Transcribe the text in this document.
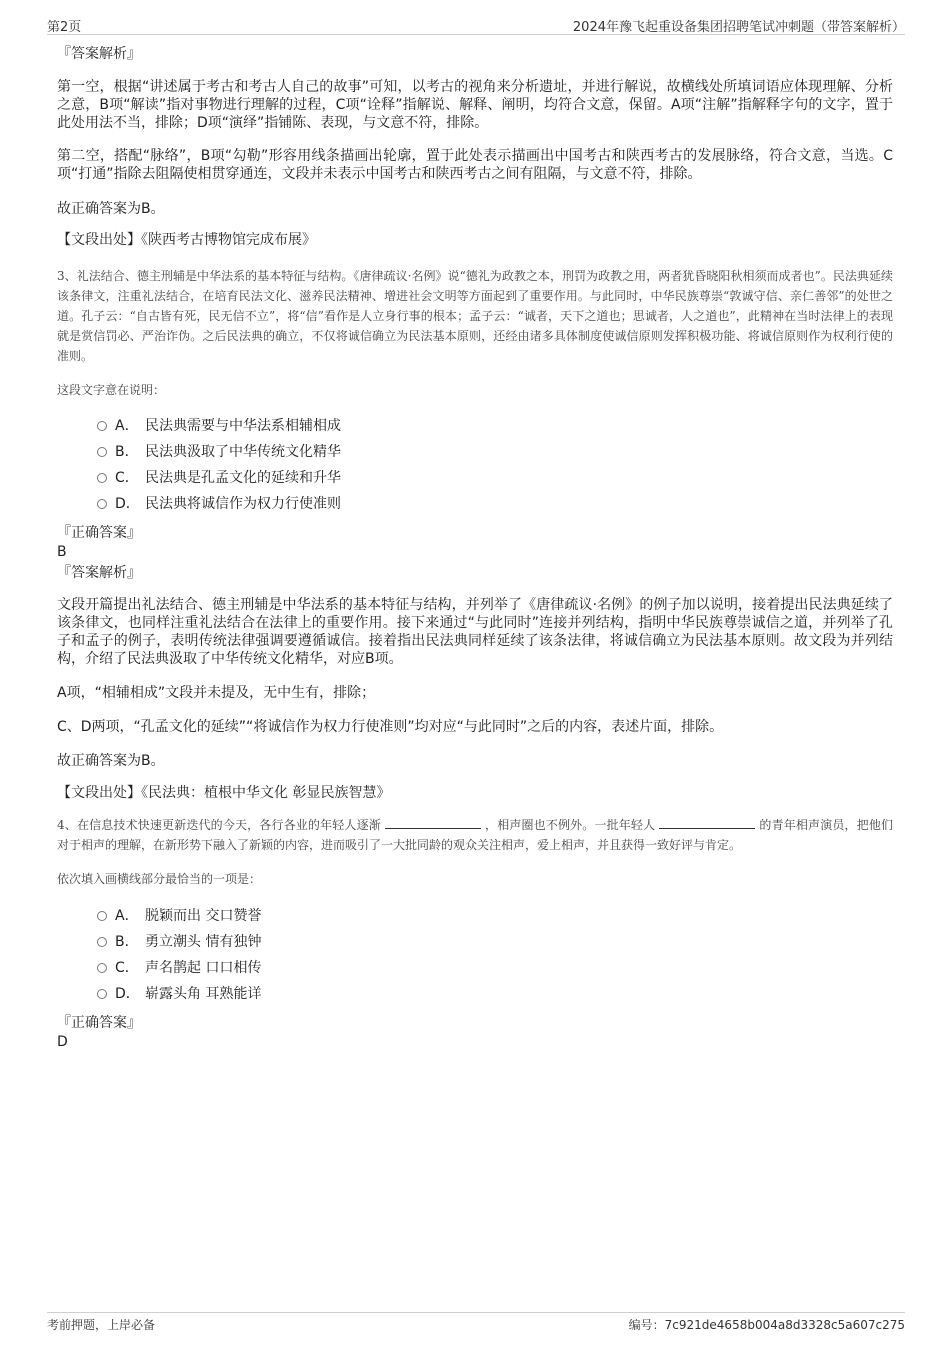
第2页	2024年豫飞起重设备集团招聘笔试冲刺题（带答案解析）

『答案解析』

第一空，根据“讲述属于考古和考古人自己的故事”可知，以考古的视角来分析遗址，并进行解说，故横线处所填词语应体现理解、分析之意，B项“解读”指对事物进行理解的过程，C项“诠释”指解说、解释、阐明，均符合文意，保留。A项“注解”指解释字句的文字，置于此处用法不当，排除；D项“演绎”指铺陈、表现，与文意不符，排除。

第二空，搭配“脉络”，B项“勾勒”形容用线条描画出轮廓，置于此处表示描画出中国考古和陕西考古的发展脉络，符合文意，当选。C项“打通”指除去阻隔使相贯穿通连，文段并未表示中国考古和陕西考古之间有阻隔，与文意不符，排除。

故正确答案为B。

【文段出处】《陕西考古博物馆完成布展》

3、礼法结合、德主刑辅是中华法系的基本特征与结构。《唐律疏议·名例》说“德礼为政教之本，刑罚为政教之用，两者犹昏晓阳秋相须而成者也”。民法典延续该条律文，注重礼法结合，在培育民法文化、滋养民法精神、增进社会文明等方面起到了重要作用。与此同时，中华民族尊崇“敦诚守信、亲仁善邻”的处世之道。孔子云：“自古皆有死，民无信不立”，将“信”看作是人立身行事的根本；孟子云：“诚者，天下之道也；思诚者，人之道也”，此精神在当时法律上的表现就是赏信罚必、严治诈伪。之后民法典的确立，不仅将诚信确立为民法基本原则，还经由诸多具体制度使诚信原则发挥积极功能、将诚信原则作为权利行使的准则。

这段文字意在说明：

A． 民法典需要与中华法系相辅相成
B． 民法典汲取了中华传统文化精华
C． 民法典是孔孟文化的延续和升华
D． 民法典将诚信作为权力行使准则

『正确答案』

B

『答案解析』

文段开篇提出礼法结合、德主刑辅是中华法系的基本特征与结构，并列举了《唐律疏议·名例》的例子加以说明，接着提出民法典延续了该条律文，也同样注重礼法结合在法律上的重要作用。接下来通过“与此同时”连接并列结构，指明中华民族尊崇诚信之道，并列举了孔子和孟子的例子，表明传统法律强调要遵循诚信。接着指出民法典同样延续了该条法律，将诚信确立为民法基本原则。故文段为并列结构，介绍了民法典汲取了中华传统文化精华，对应B项。

A项，“相辅相成”文段并未提及，无中生有，排除；

C、D两项，“孔孟文化的延续”“将诚信作为权力行使准则”均对应“与此同时”之后的内容，表述片面，排除。

故正确答案为B。

【文段出处】《民法典：植根中华文化 彰显民族智慧》

4、在信息技术快速更新迭代的今天，各行各业的年轻人逐渐	，相声圈也不例外。一批年轻人	的青年相声演员，把他们对于相声的理解，在新形势下融入了新颖的内容，进而吸引了一大批同龄的观众关注相声，爱上相声，并且获得一致好评与肯定。

依次填入画横线部分最恰当的一项是：

A． 脱颖而出 交口赞誉
B． 勇立潮头 情有独钟
C． 声名鹊起 口口相传
D． 崭露头角 耳熟能详

『正确答案』

D

考前押题，上岸必备	编号：7c921de4658b004a8d3328c5a607c275
